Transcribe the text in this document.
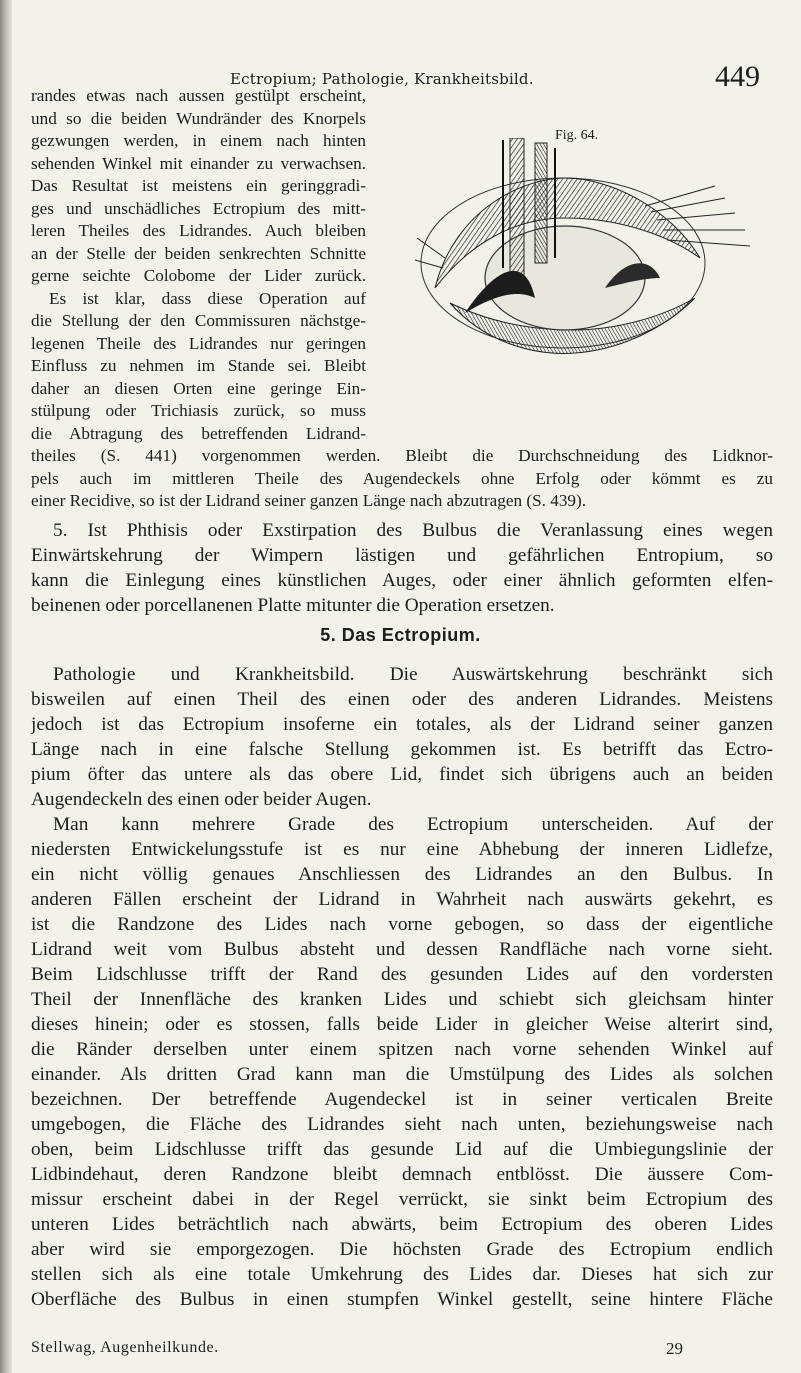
Ectropium; Pathologie, Krankheitsbild.	449
Fig. 64.
randes etwas nach aussen gestülpt erscheint,
und so die beiden Wundränder des Knorpels
gezwungen werden, in einem nach hinten
sehenden Winkel mit einander zu verwachsen.
Das Resultat ist meistens ein geringgradi-
ges und unschädliches Ectropium des mitt-
leren Theiles des Lidrandes. Auch bleiben
an der Stelle der beiden senkrechten Schnitte
gerne seichte Colobome der Lider zurück.
Es ist klar, dass diese Operation auf
die Stellung der den Commissuren nächstge-
legenen Theile des Lidrandes nur geringen
Einfluss zu nehmen im Stande sei. Bleibt
daher an diesen Orten eine geringe Ein-
stülpung oder Trichiasis zurück, so muss
die Abtragung des betreffenden Lidrand-
theiles (S. 441) vorgenommen werden. Bleibt die Durchschneidung des Lidknor-
pels auch im mittleren Theile des Augendeckels ohne Erfolg oder kömmt es zu
einer Recidive, so ist der Lidrand seiner ganzen Länge nach abzutragen (S. 439).
5. Ist Phthisis oder Exstirpation des Bulbus die Veranlassung eines wegen
Einwärtskehrung der Wimpern lästigen und gefährlichen Entropium, so
kann die Einlegung eines künstlichen Auges, oder einer ähnlich geformten elfen-
beinenen oder porcellanenen Platte mitunter die Operation ersetzen.
5. Das Ectropium.
Pathologie und Krankheitsbild. Die Auswärtskehrung beschränkt sich
bisweilen auf einen Theil des einen oder des anderen Lidrandes. Meistens
jedoch ist das Ectropium insoferne ein totales, als der Lidrand seiner ganzen
Länge nach in eine falsche Stellung gekommen ist. Es betrifft das Ectro-
pium öfter das untere als das obere Lid, findet sich übrigens auch an beiden
Augendeckeln des einen oder beider Augen.
Man kann mehrere Grade des Ectropium unterscheiden. Auf der
niedersten Entwickelungsstufe ist es nur eine Abhebung der inneren Lidlefze,
ein nicht völlig genaues Anschliessen des Lidrandes an den Bulbus. In
anderen Fällen erscheint der Lidrand in Wahrheit nach auswärts gekehrt, es
ist die Randzone des Lides nach vorne gebogen, so dass der eigentliche
Lidrand weit vom Bulbus absteht und dessen Randfläche nach vorne sieht.
Beim Lidschlusse trifft der Rand des gesunden Lides auf den vordersten
Theil der Innenfläche des kranken Lides und schiebt sich gleichsam hinter
dieses hinein; oder es stossen, falls beide Lider in gleicher Weise alterirt sind,
die Ränder derselben unter einem spitzen nach vorne sehenden Winkel auf
einander. Als dritten Grad kann man die Umstülpung des Lides als solchen
bezeichnen. Der betreffende Augendeckel ist in seiner verticalen Breite
umgebogen, die Fläche des Lidrandes sieht nach unten, beziehungsweise nach
oben, beim Lidschlusse trifft das gesunde Lid auf die Umbiegungslinie der
Lidbindehaut, deren Randzone bleibt demnach entblösst. Die äussere Com-
missur erscheint dabei in der Regel verrückt, sie sinkt beim Ectropium des
unteren Lides beträchtlich nach abwärts, beim Ectropium des oberen Lides
aber wird sie emporgezogen. Die höchsten Grade des Ectropium endlich
stellen sich als eine totale Umkehrung des Lides dar. Dieses hat sich zur
Oberfläche des Bulbus in einen stumpfen Winkel gestellt, seine hintere Fläche
Stellwag, Augenheilkunde.	29
